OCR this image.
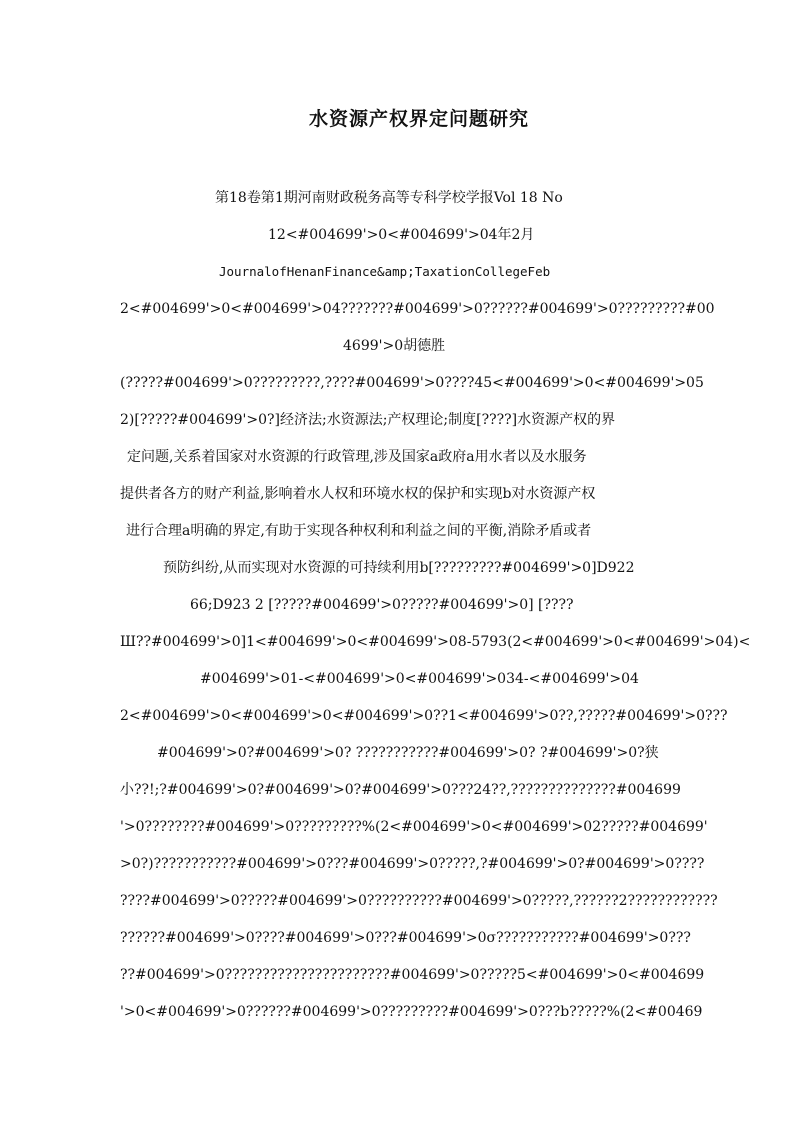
水资源产权界定问题研究
第18卷第1期河南财政税务高等专科学校学报Vol 18 No
12<#004699'>0<#004699'>04年2月
JournalofHenanFinance&amp;TaxationCollegeFeb
2<#004699'>0<#004699'>04???????#004699'>0??????#004699'>0?????????#00
4699'>0胡德胜
(?????#004699'>0?????????,????#004699'>0????45<#004699'>0<#004699'>05
2)[?????#004699'>0?]经济法;水资源法;产权理论;制度[????]水资源产权的界
定问题,关系着国家对水资源的行政管理,涉及国家a政府a用水者以及水服务
提供者各方的财产利益,影响着水人权和环境水权的保护和实现b对水资源产权
进行合理a明确的界定,有助于实现各种权利和利益之间的平衡,消除矛盾或者
预防纠纷,从而实现对水资源的可持续利用b[?????????#004699'>0]D922
66;D923 2 [?????#004699'>0?????#004699'>0] [????
Ш??#004699'>0]1<#004699'>0<#004699'>08-5793(2<#004699'>0<#004699'>04)<
#004699'>01-<#004699'>0<#004699'>034-<#004699'>04
2<#004699'>0<#004699'>0<#004699'>0??1<#004699'>0??,?????#004699'>0???
#004699'>0?#004699'>0? ???????????#004699'>0? ?#004699'>0?狭
小??!;?#004699'>0?#004699'>0?#004699'>0???24??,??????????????#004699
'>0????????#004699'>0?????????%(2<#004699'>0<#004699'>02?????#004699'
>0?)???????????#004699'>0???#004699'>0?????,?#004699'>0?#004699'>0????
????#004699'>0?????#004699'>0??????????#004699'>0?????,??????2????????????
??????#004699'>0????#004699'>0???#004699'>0σ???????????#004699'>0???
??#004699'>0??????????????????????#004699'>0?????5<#004699'>0<#004699
'>0<#004699'>0??????#004699'>0?????????#004699'>0???b?????%(2<#00469
